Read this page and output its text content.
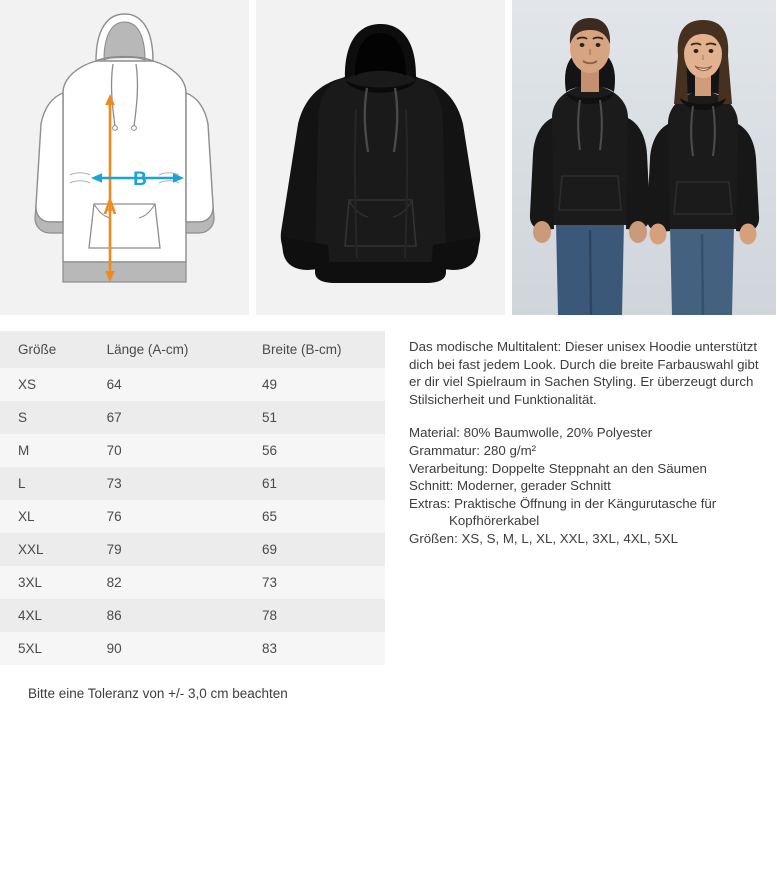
A
B
Größe	Länge (A-cm)	Breite (B-cm)
XS	64	49
S	67	51
M	70	56
L	73	61
XL	76	65
XXL	79	69
3XL	82	73
4XL	86	78
5XL	90	83
Bitte eine Toleranz von +/- 3,0 cm beachten

Das modische Multitalent: Dieser unisex Hoodie unterstützt dich bei fast jedem Look. Durch die breite Farbauswahl gibt er dir viel Spielraum in Sachen Styling. Er überzeugt durch Stilsicherheit und Funktionalität.

Material: 80% Baumwolle, 20% Polyester

Grammatur: 280 g/m²

Verarbeitung: Doppelte Steppnaht an den Säumen

Schnitt: Moderner, gerader Schnitt

Extras: Praktische Öffnung in der Kängurutasche für

Kopfhörerkabel

Größen: XS, S, M, L, XL, XXL, 3XL, 4XL, 5XL
